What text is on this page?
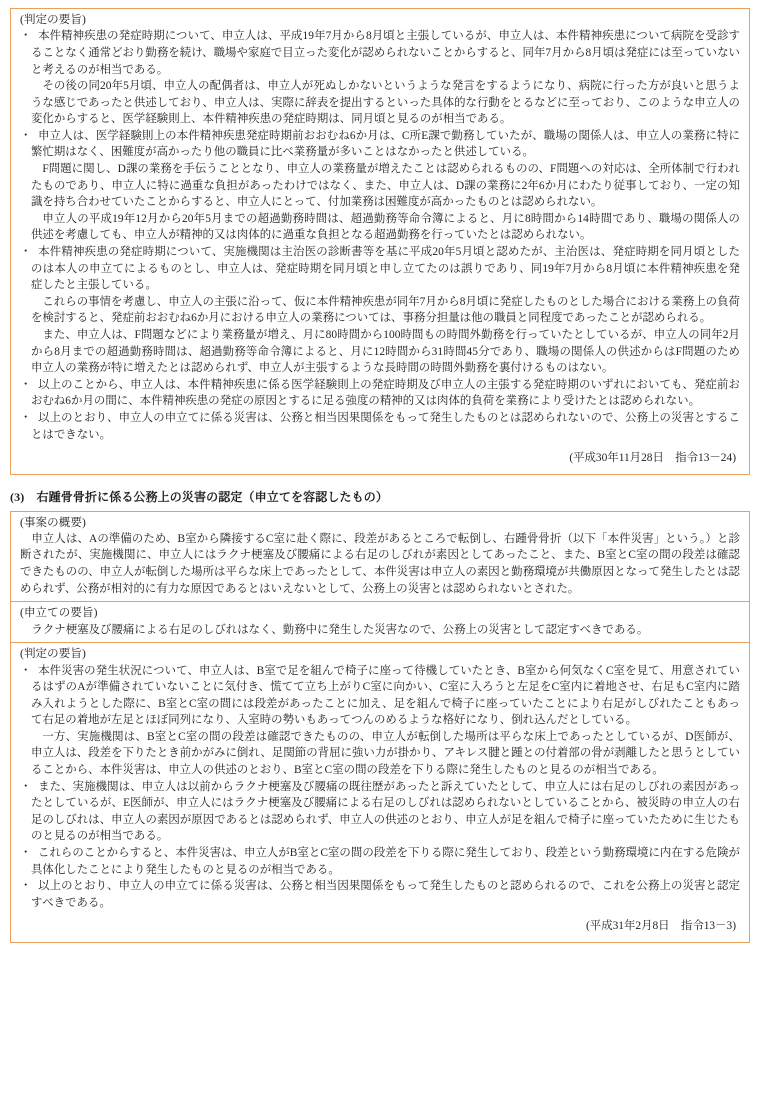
(判定の要旨)
・ 本件精神疾患の発症時期について、申立人は、平成19年7月から8月頃と主張しているが、申立人は、本件精神疾患について病院を受診することなく通常どおり勤務を続け、職場や家庭で目立った変化が認められないことからすると、同年7月から8月頃は発症には至っていないと考えるのが相当である。
その後の同20年5月頃、申立人の配偶者は、申立人が死ぬしかないというような発言をするようになり、病院に行った方が良いと思うような感じであったと供述しており、申立人は、実際に辞表を提出するといった具体的な行動をとるなどに至っており、このような申立人の変化からすると、医学経験則上、本件精神疾患の発症時期は、同月頃と見るのが相当である。
・ 申立人は、医学経験則上の本件精神疾患発症時期前おおむね6か月は、C所E課で勤務していたが、職場の関係人は、申立人の業務に特に繁忙期はなく、困難度が高かったり他の職員に比べ業務量が多いことはなかったと供述している。
F問題に関し、D課の業務を手伝うこととなり、申立人の業務量が増えたことは認められるものの、F問題への対応は、全所体制で行われたものであり、申立人に特に過重な負担があったわけではなく、また、申立人は、D課の業務に2年6か月にわたり従事しており、一定の知識を持ち合わせていたことからすると、申立人にとって、付加業務は困難度が高かったものとは認められない。
申立人の平成19年12月から20年5月までの超過勤務時間は、超過勤務等命令簿によると、月に8時間から14時間であり、職場の関係人の供述を考慮しても、申立人が精神的又は肉体的に過重な負担となる超過勤務を行っていたとは認められない。
・ 本件精神疾患の発症時期について、実施機関は主治医の診断書等を基に平成20年5月頃と認めたが、主治医は、発症時期を同月頃としたのは本人の申立てによるものとし、申立人は、発症時期を同月頃と申し立てたのは誤りであり、同19年7月から8月頃に本件精神疾患を発症したと主張している。
これらの事情を考慮し、申立人の主張に沿って、仮に本件精神疾患が同年7月から8月頃に発症したものとした場合における業務上の負荷を検討すると、発症前おおむね6か月における申立人の業務については、事務分担量は他の職員と同程度であったことが認められる。
また、申立人は、F問題などにより業務量が増え、月に80時間から100時間もの時間外勤務を行っていたとしているが、申立人の同年2月から8月までの超過勤務時間は、超過勤務等命令簿によると、月に12時間から31時間45分であり、職場の関係人の供述からはF問題のため申立人の業務が特に増えたとは認められず、申立人が主張するような長時間の時間外勤務を裏付けるものはない。
・ 以上のことから、申立人は、本件精神疾患に係る医学経験則上の発症時期及び申立人の主張する発症時期のいずれにおいても、発症前おおむね6か月の間に、本件精神疾患の発症の原因とするに足る強度の精神的又は肉体的負荷を業務により受けたとは認められない。
・ 以上のとおり、申立人の申立てに係る災害は、公務と相当因果関係をもって発生したものとは認められないので、公務上の災害とすることはできない。
(平成30年11月28日　指令13－24)
(3)　右踵骨骨折に係る公務上の災害の認定（申立てを容認したもの）
(事案の概要)
申立人は、Aの準備のため、B室から隣接するC室に赴く際に、段差があるところで転倒し、右踵骨骨折（以下「本件災害」という。）と診断されたが、実施機関に、申立人にはラクナ梗塞及び腰痛による右足のしびれが素因としてあったこと、また、B室とC室の間の段差は確認できたものの、申立人が転倒した場所は平らな床上であったとして、本件災害は申立人の素因と勤務環境が共働原因となって発生したとは認められず、公務が相対的に有力な原因であるとはいえないとして、公務上の災害とは認められないとされた。
(申立ての要旨)
ラクナ梗塞及び腰痛による右足のしびれはなく、勤務中に発生した災害なので、公務上の災害として認定すべきである。
(判定の要旨)
・ 本件災害の発生状況について、申立人は、B室で足を組んで椅子に座って待機していたとき、B室から何気なくC室を見て、用意されているはずのAが準備されていないことに気付き、慌てて立ち上がりC室に向かい、C室に入ろうと左足をC室内に着地させ、右足もC室内に踏み入れようとした際に、B室とC室の間には段差があったことに加え、足を組んで椅子に座っていたことにより右足がしびれたこともあって右足の着地が左足とほぼ同列になり、入室時の勢いもあってつんのめるような格好になり、倒れ込んだとしている。
一方、実施機関は、B室とC室の間の段差は確認できたものの、申立人が転倒した場所は平らな床上であったとしているが、D医師が、申立人は、段差を下りたとき前かがみに倒れ、足関節の背屈に強い力が掛かり、アキレス腱と踵との付着部の骨が剥離したと思うとしていることから、本件災害は、申立人の供述のとおり、B室とC室の間の段差を下りる際に発生したものと見るのが相当である。
・ また、実施機関は、申立人は以前からラクナ梗塞及び腰痛の既往歴があったと訴えていたとして、申立人には右足のしびれの素因があったとしているが、E医師が、申立人にはラクナ梗塞及び腰痛による右足のしびれは認められないとしていることから、被災時の申立人の右足のしびれは、申立人の素因が原因であるとは認められず、申立人の供述のとおり、申立人が足を組んで椅子に座っていたために生じたものと見るのが相当である。
・ これらのことからすると、本件災害は、申立人がB室とC室の間の段差を下りる際に発生しており、段差という勤務環境に内在する危険が具体化したことにより発生したものと見るのが相当である。
・ 以上のとおり、申立人の申立てに係る災害は、公務と相当因果関係をもって発生したものと認められるので、これを公務上の災害と認定すべきである。
(平成31年2月8日　指令13－3)
